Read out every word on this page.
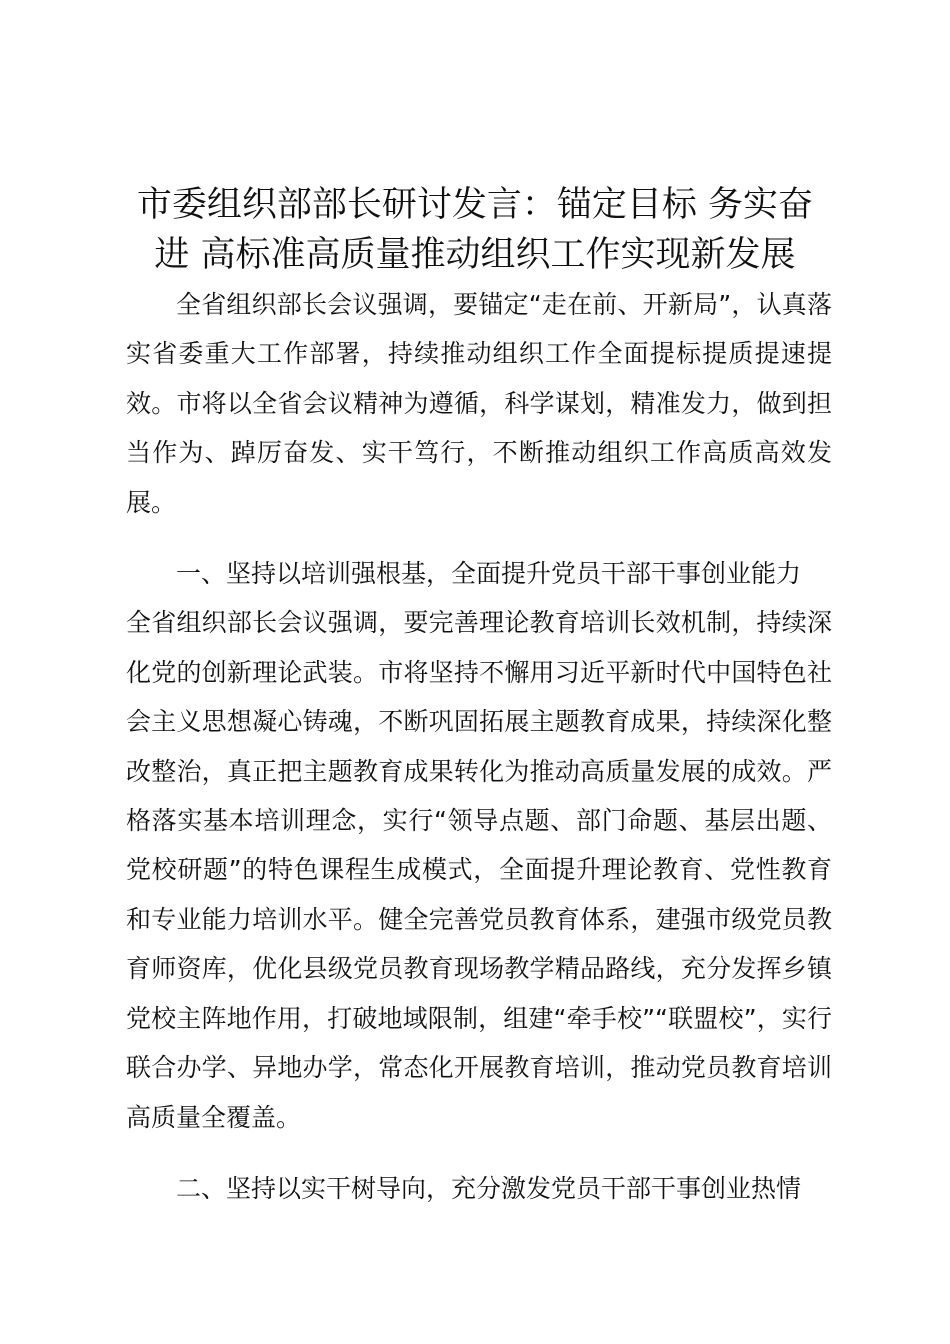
市委组织部部长研讨发言：锚定目标 务实奋
进 高标准高质量推动组织工作实现新发展

全省组织部长会议强调，要锚定“走在前、开新局”，认真落实省委重大工作部署，持续推动组织工作全面提标提质提速提效。市将以全省会议精神为遵循，科学谋划，精准发力，做到担当作为、踔厉奋发、实干笃行，不断推动组织工作高质高效发展。

一、坚持以培训强根基，全面提升党员干部干事创业能力

全省组织部长会议强调，要完善理论教育培训长效机制，持续深化党的创新理论武装。市将坚持不懈用习近平新时代中国特色社会主义思想凝心铸魂，不断巩固拓展主题教育成果，持续深化整改整治，真正把主题教育成果转化为推动高质量发展的成效。严格落实基本培训理念，实行“领导点题、部门命题、基层出题、党校研题”的特色课程生成模式，全面提升理论教育、党性教育和专业能力培训水平。健全完善党员教育体系，建强市级党员教育师资库，优化县级党员教育现场教学精品路线，充分发挥乡镇党校主阵地作用，打破地域限制，组建“牵手校”“联盟校”，实行联合办学、异地办学，常态化开展教育培训，推动党员教育培训高质量全覆盖。

二、坚持以实干树导向，充分激发党员干部干事创业热情
